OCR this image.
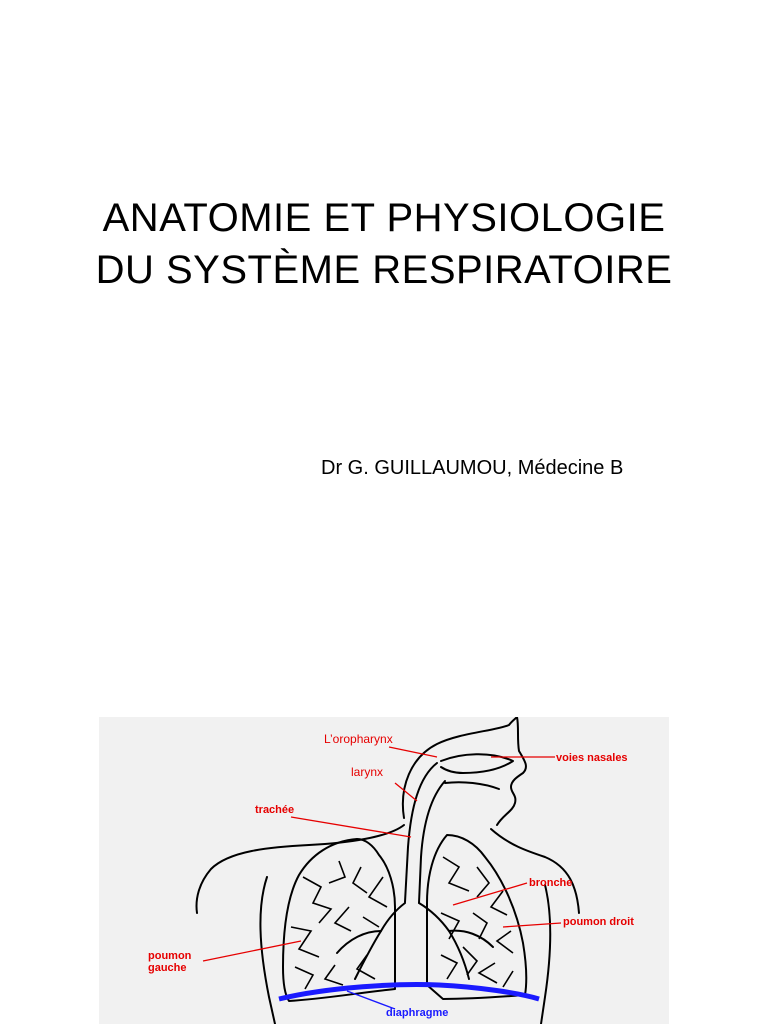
ANATOMIE ET PHYSIOLOGIE
DU SYSTÈME RESPIRATOIRE
Dr G. GUILLAUMOU, Médecine B
L’oropharynx
larynx
trachée
voies nasales
bronche
poumon droit
poumon gauche
diaphragme
